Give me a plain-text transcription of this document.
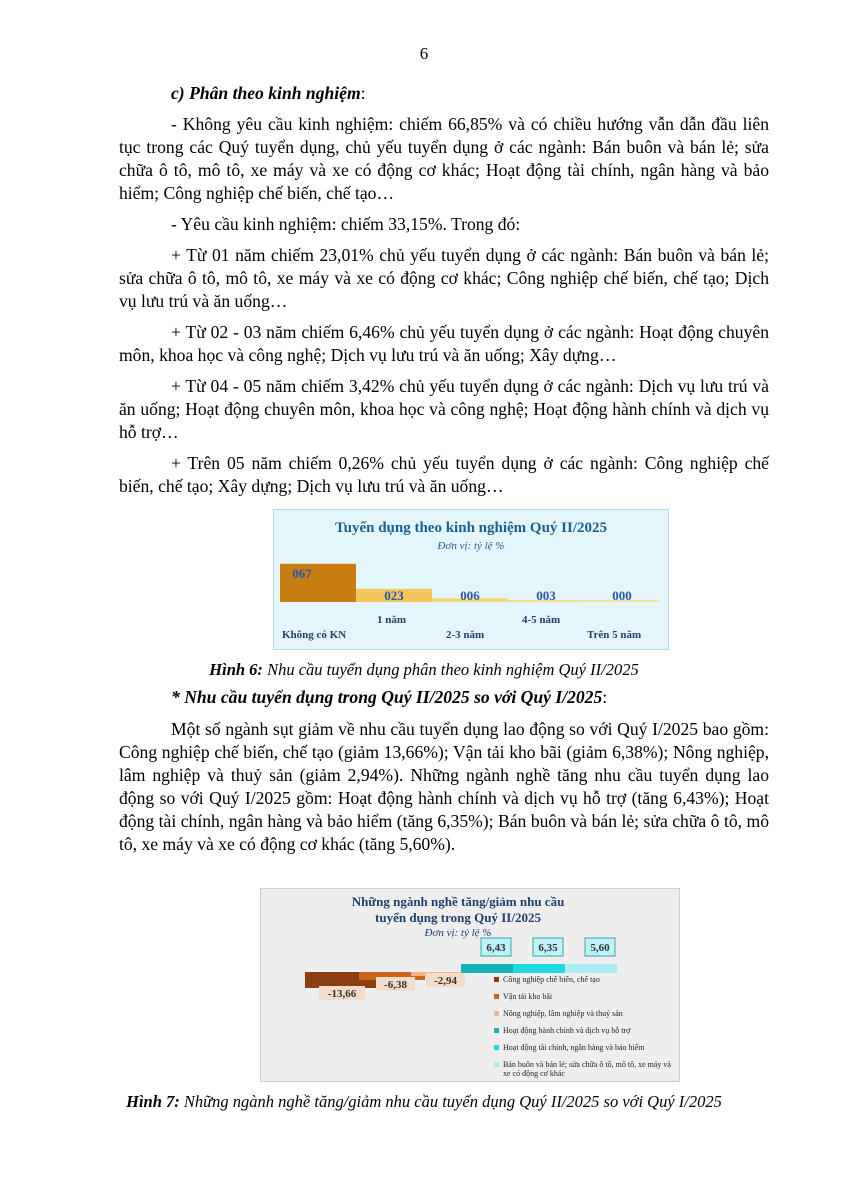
6
c) Phân theo kinh nghiệm:

- Không yêu cầu kinh nghiệm: chiếm 66,85% và có chiều hướng vẫn dẫn đầu liên tục trong các Quý tuyển dụng, chủ yếu tuyển dụng ở các ngành: Bán buôn và bán lẻ; sửa chữa ô tô, mô tô, xe máy và xe có động cơ khác; Hoạt động tài chính, ngân hàng và bảo hiểm; Công nghiệp chế biến, chế tạo…

- Yêu cầu kinh nghiệm: chiếm 33,15%. Trong đó:

+ Từ 01 năm chiếm 23,01% chủ yếu tuyển dụng ở các ngành: Bán buôn và bán lẻ; sửa chữa ô tô, mô tô, xe máy và xe có động cơ khác; Công nghiệp chế biến, chế tạo; Dịch vụ lưu trú và ăn uống…

+ Từ 02 - 03 năm chiếm 6,46% chủ yếu tuyển dụng ở các ngành: Hoạt động chuyên môn, khoa học và công nghệ; Dịch vụ lưu trú và ăn uống; Xây dựng…

+ Từ 04 - 05 năm chiếm 3,42% chủ yếu tuyển dụng ở các ngành: Dịch vụ lưu trú và ăn uống; Hoạt động chuyên môn, khoa học và công nghệ; Hoạt động hành chính và dịch vụ hỗ trợ…

+ Trên 05 năm chiếm 0,26% chủ yếu tuyển dụng ở các ngành: Công nghiệp chế biến, chế tạo; Xây dựng; Dịch vụ lưu trú và ăn uống…

067
023	006	003	000
Tuyển dụng theo kinh nghiệm Quý II/2025
Đơn vị: tỷ lệ %
Không có KN
1 năm
2-3 năm
4-5 năm
Trên 5 năm
Hình 6: Nhu cầu tuyển dụng phân theo kinh nghiệm Quý II/2025
* Nhu cầu tuyển dụng trong Quý II/2025 so với Quý I/2025:
Một số ngành sụt giảm về nhu cầu tuyển dụng lao động so với Quý I/2025 bao gồm: Công nghiệp chế biến, chế tạo (giảm 13,66%); Vận tải kho bãi (giảm 6,38%); Nông nghiệp, lâm nghiệp và thuỷ sản (giảm 2,94%). Những ngành nghề tăng nhu cầu tuyển dụng lao động so với Quý I/2025 gồm: Hoạt động hành chính và dịch vụ hỗ trợ (tăng 6,43%); Hoạt động tài chính, ngân hàng và bảo hiểm (tăng 6,35%); Bán buôn và bán lẻ; sửa chữa ô tô, mô tô, xe máy và xe có động cơ khác (tăng 5,60%).
-13,66
-6,38 -2,94
6,43	6,35	5,60
Những ngành nghề tăng/giảm nhu cầu
tuyển dụng trong Quý II/2025
Đơn vị: tỷ lệ %
Công nghiệp chế biến, chế tạo
Vận tải kho bãi
Nông nghiệp, lâm nghiệp và thuỷ sản
Hoạt động hành chính và dịch vụ hỗ trợ
Hoạt động tài chính, ngân hàng và bảo hiểm
Bán buôn và bán lẻ; sửa chữa ô tô, mô tô, xe máy và xe có động cơ khác
Hình 7: Những ngành nghề tăng/giảm nhu cầu tuyển dụng Quý II/2025 so với Quý I/2025
